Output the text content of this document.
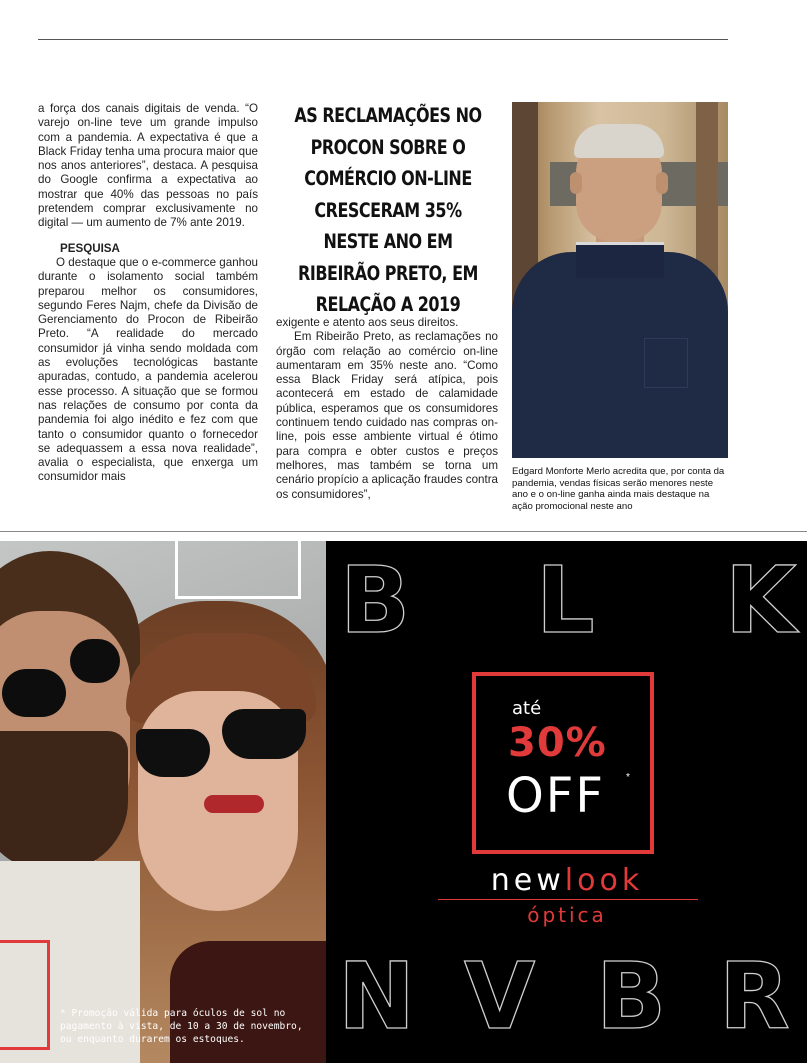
a força dos canais digitais de venda. “O varejo on-line teve um grande impulso com a pandemia. A expectativa é que a Black Friday tenha uma procura maior que nos anos anteriores”, destaca. A pesquisa do Google confirma a expectativa ao mostrar que 40% das pessoas no país pretendem comprar exclusivamente no digital — um aumento de 7% ante 2019.

PESQUISA

O destaque que o e-commerce ganhou durante o isolamento social também preparou melhor os consumidores, segundo Feres Najm, chefe da Divisão de Gerenciamento do Procon de Ribeirão Preto. “A realidade do mercado consumidor já vinha sendo moldada com as evoluções tecnológicas bastante apuradas, contudo, a pandemia acelerou esse processo. A situação que se formou nas relações de consumo por conta da pandemia foi algo inédito e fez com que tanto o consumidor quanto o fornecedor se adequassem a essa nova realidade”, avalia o especialista, que enxerga um consumidor mais

AS RECLAMAÇÕES NO PROCON SOBRE O COMÉRCIO ON-LINE CRESCERAM 35% NESTE ANO EM RIBEIRÃO PRETO, EM RELAÇÃO A 2019

exigente e atento aos seus direitos.

Em Ribeirão Preto, as reclamações no órgão com relação ao comércio on-line aumentaram em 35% neste ano. “Como essa Black Friday será atípica, pois acontecerá em estado de calamidade pública, esperamos que os consumidores continuem tendo cuidado nas compras on-line, pois esse ambiente virtual é ótimo para compra e obter custos e preços melhores, mas também se torna um cenário propício a aplicação fraudes contra os consumidores”,

Edgard Monforte Merlo acredita que, por conta da pandemia, vendas físicas serão menores neste ano e o on-line ganha ainda mais destaque na ação promocional neste ano
B L K
N V B R
até
30%
OFF *
newlook
óptica
* Promoção válida para óculos de sol no pagamento à vista, de 10 a 30 de novembro, ou enquanto durarem os estoques.
